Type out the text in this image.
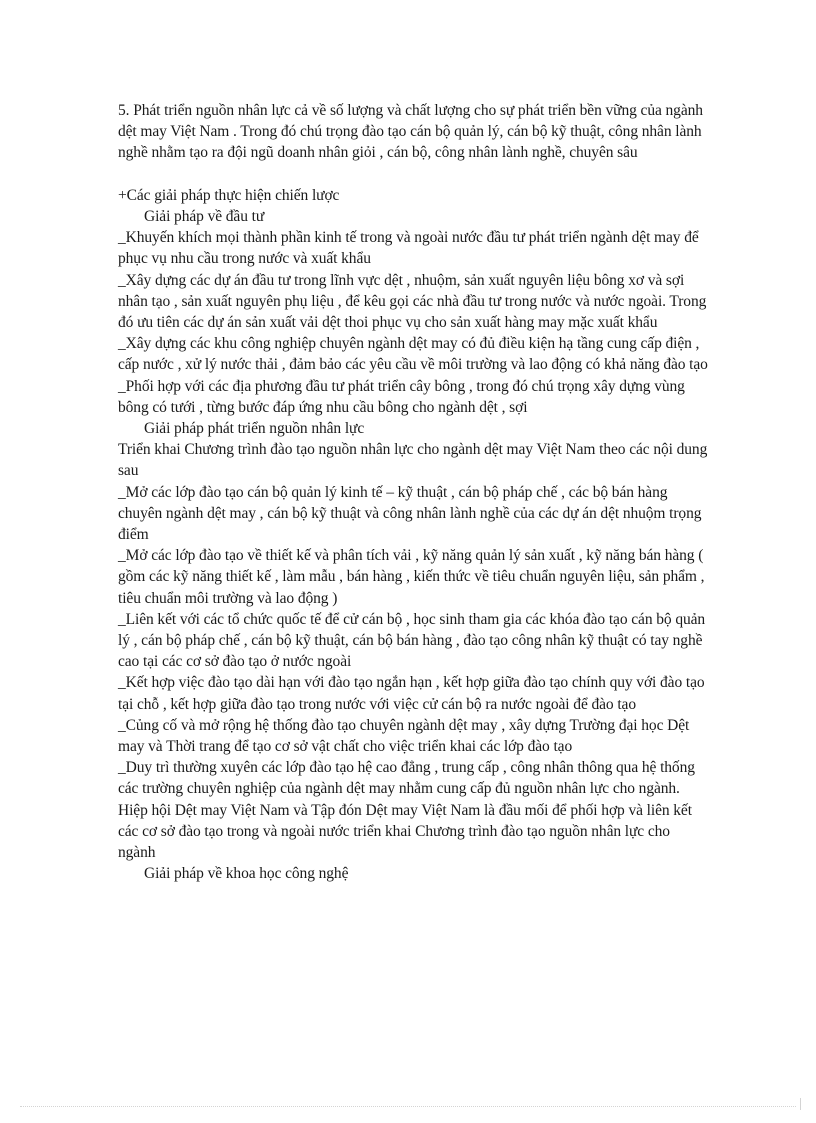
5. Phát triển nguồn nhân lực cả về số lượng và chất lượng cho sự phát triển bền vững của ngành dệt may Việt Nam . Trong đó chú trọng đào tạo cán bộ quản lý, cán bộ kỹ thuật, công nhân lành nghề nhằm tạo ra đội ngũ doanh nhân giỏi , cán bộ, công nhân lành nghề, chuyên sâu

+Các giải pháp thực hiện chiến lược

Giải pháp về đầu tư

_Khuyến khích mọi thành phần kinh tế trong và ngoài nước đầu tư phát triển ngành dệt may để phục vụ nhu cầu trong nước và xuất khẩu

_Xây dựng các dự án đầu tư trong lĩnh vực dệt , nhuộm, sản xuất nguyên liệu bông xơ và sợi nhân tạo , sản xuất nguyên phụ liệu , để kêu gọi các nhà đầu tư trong nước và nước ngoài. Trong đó ưu tiên các dự án sản xuất vải dệt thoi phục vụ cho sản xuất hàng may mặc xuất khẩu

_Xây dựng các khu công nghiệp chuyên ngành dệt may có đủ điều kiện hạ tầng cung cấp điện , cấp nước , xử lý nước thải , đảm bảo các yêu cầu về môi trường và lao động có khả năng đào tạo

_Phối hợp với các địa phương đầu tư phát triển cây bông , trong đó chú trọng xây dựng vùng bông có tưới , từng bước đáp ứng nhu cầu bông cho ngành dệt , sợi

Giải pháp phát triển nguồn nhân lực

Triển khai Chương trình đào tạo nguồn nhân lực cho ngành dệt may Việt Nam theo các nội dung sau

_Mở các lớp đào tạo cán bộ quản lý kinh tế – kỹ thuật , cán bộ pháp chế , các bộ bán hàng chuyên ngành dệt may , cán bộ kỹ thuật và công nhân lành nghề của các dự án dệt nhuộm trọng điểm

_Mở các lớp đào tạo về thiết kế và phân tích vải , kỹ năng quản lý sản xuất , kỹ năng bán hàng ( gồm các kỹ năng thiết kế , làm mẫu , bán hàng , kiến thức về tiêu chuẩn nguyên liệu, sản phẩm , tiêu chuẩn môi trường và lao động )

_Liên kết với các tổ chức quốc tế để cử cán bộ , học sinh tham gia các khóa đào tạo cán bộ quản lý , cán bộ pháp chế , cán bộ kỹ thuật, cán bộ bán hàng , đào tạo công nhân kỹ thuật có tay nghề cao tại các cơ sở đào tạo ở nước ngoài

_Kết hợp việc đào tạo dài hạn với đào tạo ngắn hạn , kết hợp giữa đào tạo chính quy với đào tạo tại chỗ , kết hợp giữa đào tạo trong nước với việc cử cán bộ ra nước ngoài để đào tạo

_Củng cố và mở rộng hệ thống đào tạo chuyên ngành dệt may , xây dựng Trường đại học Dệt may và Thời trang để tạo cơ sở vật chất cho việc triển khai các lớp đào tạo

_Duy trì thường xuyên các lớp đào tạo hệ cao đẳng , trung cấp , công nhân thông qua hệ thống các trường chuyên nghiệp của ngành dệt may nhằm cung cấp đủ nguồn nhân lực cho ngành. Hiệp hội Dệt may Việt Nam và Tập đón Dệt may Việt Nam là đầu mối để phối hợp và liên kết các cơ sở đào tạo trong và ngoài nước triển khai Chương trình đào tạo nguồn nhân lực cho ngành

Giải pháp về khoa học công nghệ
